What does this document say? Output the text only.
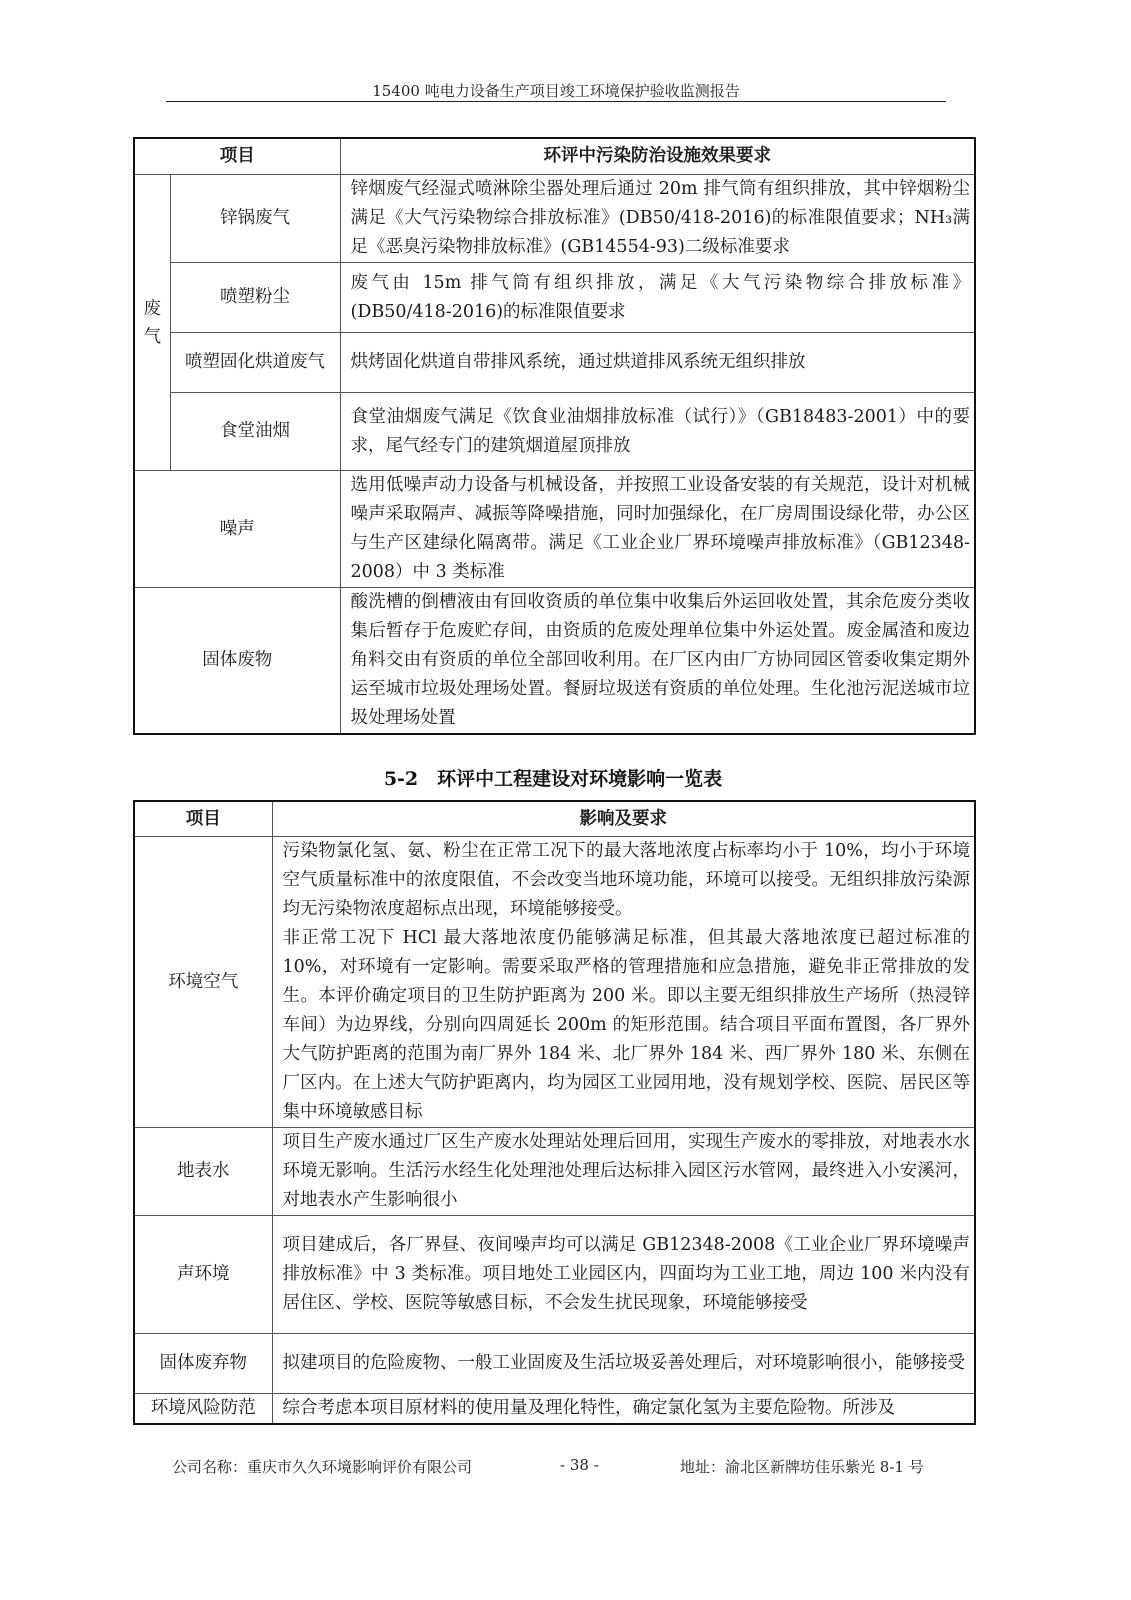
15400 吨电力设备生产项目竣工环境保护验收监测报告
项目		环评中污染防治设施效果要求
废气	锌锅废气	锌烟废气经湿式喷淋除尘器处理后通过 20m 排气筒有组织排放，其中锌烟粉尘满足《大气污染物综合排放标准》(DB50/418-2016)的标准限值要求；NH₃满足《恶臭污染物排放标准》(GB14554-93)二级标准要求
	喷塑粉尘	废气由 15m 排气筒有组织排放，满足《大气污染物综合排放标准》(DB50/418-2016)的标准限值要求
	喷塑固化烘道废气	烘烤固化烘道自带排风系统，通过烘道排风系统无组织排放
	食堂油烟	食堂油烟废气满足《饮食业油烟排放标准（试行）》（GB18483-2001）中的要求，尾气经专门的建筑烟道屋顶排放
噪声		选用低噪声动力设备与机械设备，并按照工业设备安装的有关规范，设计对机械噪声采取隔声、减振等降噪措施，同时加强绿化，在厂房周围设绿化带，办公区与生产区建绿化隔离带。满足《工业企业厂界环境噪声排放标准》（GB12348-2008）中 3 类标准
固体废物		酸洗槽的倒槽液由有回收资质的单位集中收集后外运回收处置，其余危废分类收集后暂存于危废贮存间，由资质的危废处理单位集中外运处置。废金属渣和废边角料交由有资质的单位全部回收利用。在厂区内由厂方协同园区管委收集定期外运至城市垃圾处理场处置。餐厨垃圾送有资质的单位处理。生化池污泥送城市垃圾处理场处置
5-2　环评中工程建设对环境影响一览表
项目	影响及要求
环境空气	污染物氯化氢、氨、粉尘在正常工况下的最大落地浓度占标率均小于 10%，均小于环境空气质量标准中的浓度限值，不会改变当地环境功能，环境可以接受。无组织排放污染源均无污染物浓度超标点出现，环境能够接受。
非正常工况下 HCl 最大落地浓度仍能够满足标准，但其最大落地浓度已超过标准的 10%，对环境有一定影响。需要采取严格的管理措施和应急措施，避免非正常排放的发生。本评价确定项目的卫生防护距离为 200 米。即以主要无组织排放生产场所（热浸锌车间）为边界线，分别向四周延长 200m 的矩形范围。结合项目平面布置图，各厂界外大气防护距离的范围为南厂界外 184 米、北厂界外 184 米、西厂界外 180 米、东侧在厂区内。在上述大气防护距离内，均为园区工业园用地，没有规划学校、医院、居民区等集中环境敏感目标

地表水	项目生产废水通过厂区生产废水处理站处理后回用，实现生产废水的零排放，对地表水水环境无影响。生活污水经生化处理池处理后达标排入园区污水管网，最终进入小安溪河，对地表水产生影响很小

声环境	项目建成后，各厂界昼、夜间噪声均可以满足 GB12348-2008《工业企业厂界环境噪声排放标准》中 3 类标准。项目地处工业园区内，四面均为工业工地，周边 100 米内没有居住区、学校、医院等敏感目标，不会发生扰民现象，环境能够接受

固体废弃物	拟建项目的危险废物、一般工业固废及生活垃圾妥善处理后，对环境影响很小，能够接受

环境风险防范	综合考虑本项目原材料的使用量及理化特性，确定氯化氢为主要危险物。所涉及
公司名称：重庆市久久环境影响评价有限公司	- 38 -	地址：渝北区新牌坊佳乐紫光 8-1 号
